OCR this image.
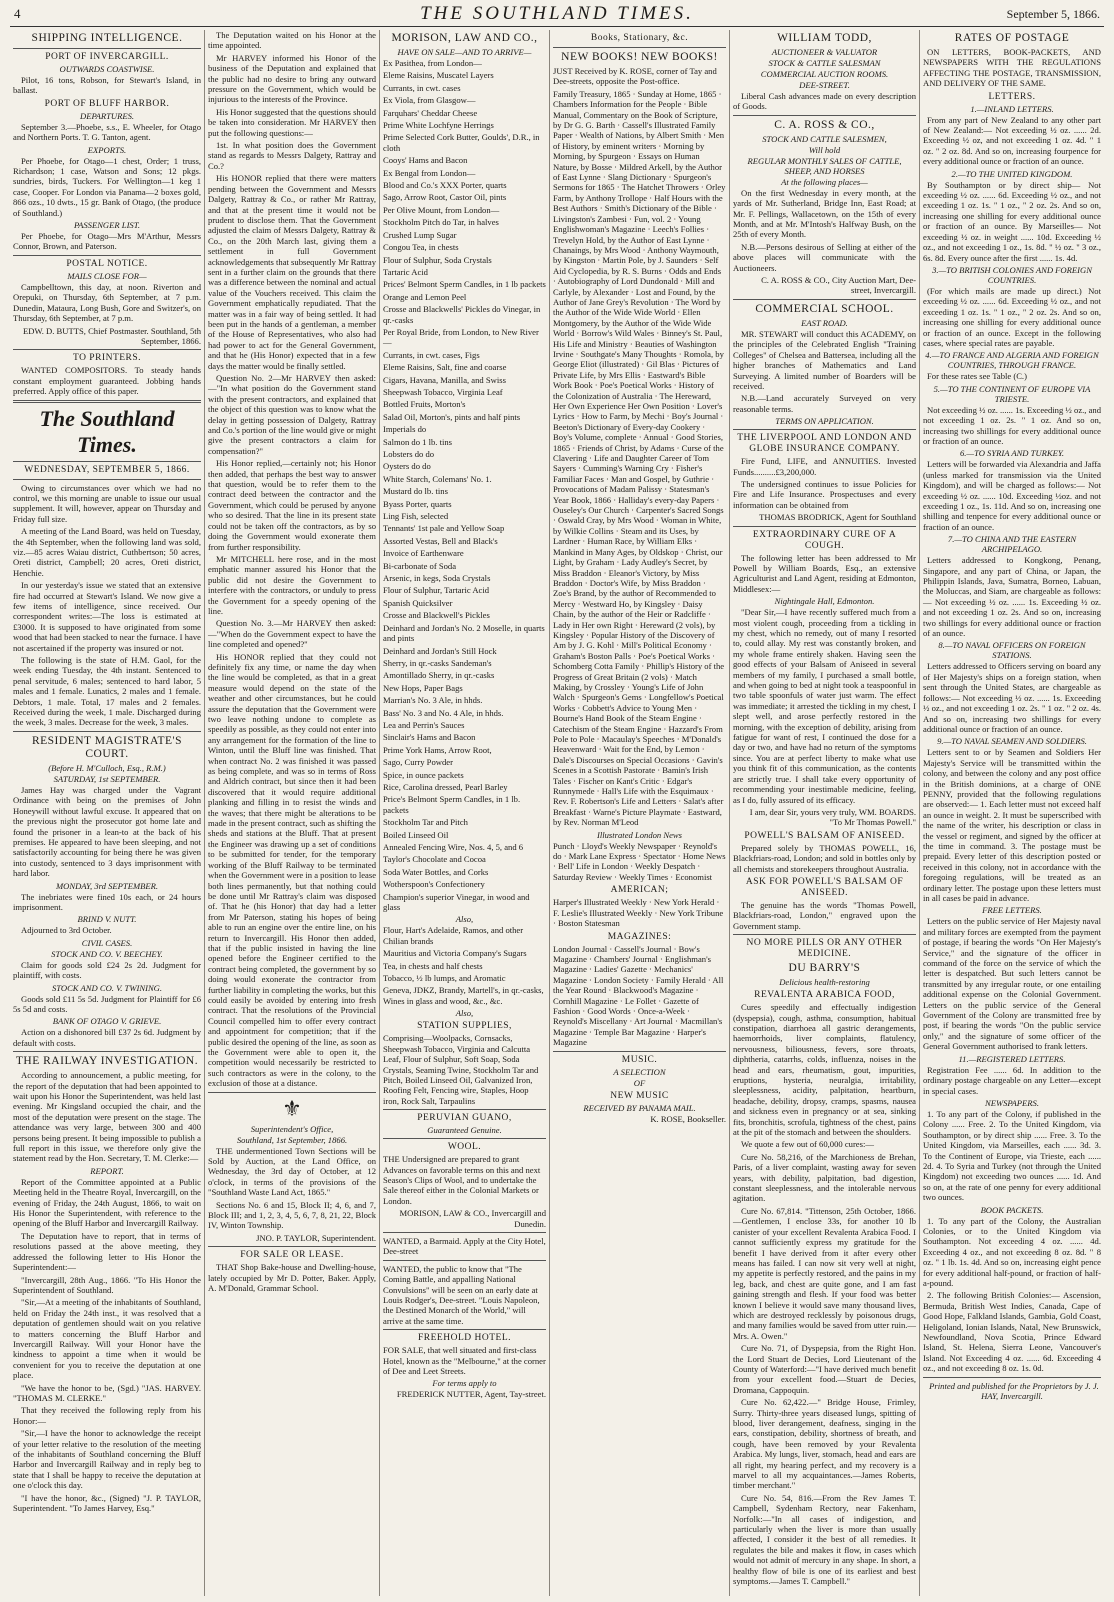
4	THE SOUTHLAND TIMES.	September 5, 1866.
SHIPPING INTELLIGENCE.
PORT OF INVERCARGILL.
OUTWARDS COASTWISE.

Pilot, 16 tons, Robson, for Stewart's Island, in ballast.

PORT OF BLUFF HARBOR.
DEPARTURES.

September 3.—Phoebe, s.s., E. Wheeler, for Otago and Northern Ports. T. G. Tanton, agent.

EXPORTS.

Per Phoebe, for Otago—1 chest, Order; 1 truss, Richardson; 1 case, Watson and Sons; 12 pkgs. sundries, birds, Tuckers. For Wellington—1 keg 1 case, Cooper. For London via Panama—2 boxes gold, 866 ozs., 10 dwts., 15 gr. Bank of Otago, (the produce of Southland.)

PASSENGER LIST.

Per Phoebe, for Otago—Mrs M'Arthur, Messrs Connor, Brown, and Paterson.

POSTAL NOTICE.
MAILS CLOSE FOR—

Campbelltown, this day, at noon. Riverton and Orepuki, on Thursday, 6th September, at 7 p.m. Dunedin, Mataura, Long Bush, Gore and Switzer's, on Thursday, 6th September, at 7 p.m.

EDW. D. BUTTS, Chief Postmaster. Southland, 5th September, 1866.

TO PRINTERS.

WANTED COMPOSITORS. To steady hands constant employment guaranteed. Jobbing hands preferred. Apply office of this paper.

The Southland Times.
WEDNESDAY, SEPTEMBER 5, 1866.

Owing to circumstances over which we had no control, we this morning are unable to issue our usual supplement. It will, however, appear on Thursday and Friday full size.

A meeting of the Land Board, was held on Tuesday, the 4th September, when the following land was sold, viz.—85 acres Waiau district, Cuthbertson; 50 acres, Oreti district, Campbell; 20 acres, Oreti district, Henchie.

In our yesterday's issue we stated that an extensive fire had occurred at Stewart's Island. We now give a few items of intelligence, since received. Our correspondent writes:—The loss is estimated at £3000. It is supposed to have originated from some wood that had been stacked to near the furnace. I have not ascertained if the property was insured or not.

The following is the state of H.M. Gaol, for the week ending Tuesday, the 4th instant. Sentenced to penal servitude, 6 males; sentenced to hard labor, 5 males and 1 female. Lunatics, 2 males and 1 female. Debtors, 1 male. Total, 17 males and 2 females. Received during the week, 1 male. Discharged during the week, 3 males. Decrease for the week, 3 males.

RESIDENT MAGISTRATE'S COURT.
(Before H. M'Culloch, Esq., R.M.)
SATURDAY, 1st SEPTEMBER.

James Hay was charged under the Vagrant Ordinance with being on the premises of John Honeywill without lawful excuse. It appeared that on the previous night the prosecutor got home late and found the prisoner in a lean-to at the back of his premises. He appeared to have been sleeping, and not satisfactorily accounting for being there he was given into custody, sentenced to 3 days imprisonment with hard labor.

MONDAY, 3rd SEPTEMBER.

The inebriates were fined 10s each, or 24 hours imprisonment.

BRIND V. NUTT.

Adjourned to 3rd October.

CIVIL CASES.
STOCK AND CO. V. BEECHEY.

Claim for goods sold £24 2s 2d. Judgment for plaintiff, with costs.

STOCK AND CO. V. TWINING.

Goods sold £11 5s 5d. Judgment for Plaintiff for £6 5s 5d and costs.

BANK OF OTAGO V. GRIEVE.

Action on a dishonored bill £37 2s 6d. Judgment by default with costs.

THE RAILWAY INVESTIGATION.

According to announcement, a public meeting, for the report of the deputation that had been appointed to wait upon his Honor the Superintendent, was held last evening. Mr Kingsland occupied the chair, and the most of the deputation were present on the stage. The attendance was very large, between 300 and 400 persons being present. It being impossible to publish a full report in this issue, we therefore only give the statement read by the Hon. Secretary, T. M. Clerke:—

REPORT.

Report of the Committee appointed at a Public Meeting held in the Theatre Royal, Invercargill, on the evening of Friday, the 24th August, 1866, to wait on His Honor the Superintendent, with reference to the opening of the Bluff Harbor and Invercargill Railway.

The Deputation have to report, that in terms of resolutions passed at the above meeting, they addressed the following letter to His Honor the Superintendent:—

"Invercargill, 28th Aug., 1866. "To His Honor the Superintendent of Southland.

"Sir,—At a meeting of the inhabitants of Southland, held on Friday the 24th inst., it was resolved that a deputation of gentlemen should wait on you relative to matters concerning the Bluff Harbor and Invercargill Railway. Will your Honor have the kindness to appoint a time when it would be convenient for you to receive the deputation at one place.

"We have the honor to be, (Sgd.) "JAS. HARVEY. "THOMAS M. CLERKE."

That they received the following reply from his Honor:—

"Sir,—I have the honor to acknowledge the receipt of your letter relative to the resolution of the meeting of the inhabitants of Southland concerning the Bluff Harbor and Invercargill Railway and in reply beg to state that I shall be happy to receive the deputation at one o'clock this day.

"I have the honor, &c., (Signed) "J. P. TAYLOR, Superintendent. "To James Harvey, Esq."

The Deputation waited on his Honor at the time appointed.

Mr HARVEY informed his Honor of the business of the Deputation and explained that the public had no desire to bring any outward pressure on the Government, which would be injurious to the interests of the Province.

His Honor suggested that the questions should be taken into consideration. Mr HARVEY then put the following questions:—

1st. In what position does the Government stand as regards to Messrs Dalgety, Rattray and Co.?

His HONOR replied that there were matters pending between the Government and Messrs Dalgety, Rattray & Co., or rather Mr Rattray, and that at the present time it would not be prudent to disclose them. That the Government adjusted the claim of Messrs Dalgety, Rattray & Co., on the 20th March last, giving them a settlement in full Government acknowledgements that subsequently Mr Rattray sent in a further claim on the grounds that there was a difference between the nominal and actual value of the Vouchers received. This claim the Government emphatically repudiated. That the matter was in a fair way of being settled. It had been put in the hands of a gentleman, a member of the House of Representatives, who also had had power to act for the General Government, and that he (His Honor) expected that in a few days the matter would be finally settled.

Question No. 2—Mr HARVEY then asked:—"In what position do the Government stand with the present contractors, and explained that the object of this question was to know what the delay in getting possession of Dalgety, Rattray and Co.'s portion of the line would give or might give the present contractors a claim for compensation?"

His Honor replied,—certainly not; his Honor then added, that perhaps the best way to answer that question, would be to refer them to the contract deed between the contractor and the Government, which could be perused by anyone who so desired. That the line in its present state could not be taken off the contractors, as by so doing the Government would exonerate them from further responsibility.

Mr MITCHELL here rose, and in the most emphatic manner assured his Honor that the public did not desire the Government to interfere with the contractors, or unduly to press the Government for a speedy opening of the line.

Question No. 3.—Mr HARVEY then asked:—"When do the Government expect to have the line completed and opened?"

His HONOR replied that they could not definitely fix any time, or name the day when the line would be completed, as that in a great measure would depend on the state of the weather and other circumstances, but he could assure the deputation that the Government were two leave nothing undone to complete as speedily as possible, as they could not enter into any arrangement for the formation of the line to Winton, until the Bluff line was finished. That when contract No. 2 was finished it was passed as being complete, and was so in terms of Ross and Aldrich contract, but since then it had been discovered that it would require additional planking and filling in to resist the winds and the waves; that there might be alterations to be made in the present contract, such as shifting the sheds and stations at the Bluff. That at present the Engineer was drawing up a set of conditions to be submitted for tender, for the temporary working of the Bluff Railway to be terminated when the Government were in a position to lease both lines permanently, but that nothing could be done until Mr Rattray's claim was disposed of. That he (his Honor) that day had a letter from Mr Paterson, stating his hopes of being able to run an engine over the entire line, on his return to Invercargill. His Honor then added, that if the public insisted in having the line opened before the Engineer certified to the contract being completed, the government by so doing would exonerate the contractor from further liability in completing the works, but this could easily be avoided by entering into fresh contract. That the resolutions of the Provincial Council compelled him to offer every contract and appointment for competition; that if the public desired the opening of the line, as soon as the Government were able to open it, the competition would necessarily be restricted to such contractors as were in the colony, to the exclusion of those at a distance.

⚜
Superintendent's Office,
Southland, 1st September, 1866.

THE undermentioned Town Sections will be Sold by Auction, at the Land Office, on Wednesday, the 3rd day of October, at 12 o'clock, in terms of the provisions of the "Southland Waste Land Act, 1865."

Sections No. 6 and 15, Block II; 4, 6, and 7, Block III; and 1, 2, 3, 4, 5, 6, 7, 8, 21, 22, Block IV, Winton Township.

JNO. P. TAYLOR, Superintendent.

FOR SALE OR LEASE.

THAT Shop Bake-house and Dwelling-house, lately occupied by Mr D. Potter, Baker. Apply, A. M'Donald, Grammar School.

MORISON, LAW AND CO.,
HAVE ON SALE—AND TO ARRIVE—

Ex Pasithea, from London—

Eleme Raisins, Muscatel Layers

Currants, in cwt. cases

Ex Viola, from Glasgow—

Farquhars' Cheddar Cheese

Prime White Lochfyne Herrings

Prime Selected Cork Butter, Goulds', D.R., in cloth

Cooys' Hams and Bacon

Ex Bengal from London—

Blood and Co.'s XXX Porter, quarts

Sago, Arrow Root, Castor Oil, pints

Per Olive Mount, from London—

Stockholm Pitch do Tar, in halves

Crushed Lump Sugar

Congou Tea, in chests

Flour of Sulphur, Soda Crystals

Tartaric Acid

Prices' Belmont Sperm Candles, in 1 lb packets

Orange and Lemon Peel

Crosse and Blackwells' Pickles do Vinegar, in qr.-casks

Per Royal Bride, from London, to New River—

Currants, in cwt. cases, Figs

Eleme Raisins, Salt, fine and coarse

Cigars, Havana, Manilla, and Swiss

Sheepwash Tobacco, Virginia Leaf

Bottled Fruits, Morton's

Salad Oil, Morton's, pints and half pints

Imperials do

Salmon do 1 lb. tins

Lobsters do do

Oysters do do

White Starch, Colemans' No. 1.

Mustard do lb. tins

Byass Porter, quarts

Ling Fish, selected

Tennants' 1st pale and Yellow Soap

Assorted Vestas, Bell and Black's

Invoice of Earthenware

Bi-carbonate of Soda

Arsenic, in kegs, Soda Crystals

Flour of Sulphur, Tartaric Acid

Spanish Quicksilver

Crosse and Blackwell's Pickles

Deinhard and Jordan's No. 2 Moselle, in quarts and pints

Deinhard and Jordan's Still Hock

Sherry, in qr.-casks Sandeman's

Amontillado Sherry, in qr.-casks

New Hops, Paper Bags

Marrian's No. 3 Ale, in hhds.

Bass' No. 3 and No. 4 Ale, in hhds.

Lea and Perrin's Sauces

Sinclair's Hams and Bacon

Prime York Hams, Arrow Root,

Sago, Curry Powder

Spice, in ounce packets

Rice, Carolina dressed, Pearl Barley

Price's Belmont Sperm Candles, in 1 lb. packets

Stockholm Tar and Pitch

Boiled Linseed Oil

Annealed Fencing Wire, Nos. 4, 5, and 6

Taylor's Chocolate and Cocoa

Soda Water Bottles, and Corks

Wotherspoon's Confectionery

Champion's superior Vinegar, in wood and glass

Also,

Flour, Hart's Adelaide, Ramos, and other Chilian brands

Mauritius and Victoria Company's Sugars

Tea, in chests and half chests

Tobacco, ½ lb lumps, and Aromatic

Geneva, JDKZ, Brandy, Martell's, in qr.-casks, Wines in glass and wood, &c., &c.

Also,
STATION SUPPLIES,

Comprising—Woolpacks, Cornsacks, Sheepwash Tobacco, Virginia and Calcutta Leaf, Flour of Sulphur, Soft Soap, Soda Crystals, Seaming Twine, Stockholm Tar and Pitch, Boiled Linseed Oil, Galvanized Iron, Roofing Felt, Fencing wire, Staples, Hoop iron, Rock Salt, Tarpaulins

PERUVIAN GUANO,
Guaranteed Genuine.
WOOL.

THE Undersigned are prepared to grant Advances on favorable terms on this and next Season's Clips of Wool, and to undertake the Sale thereof either in the Colonial Markets or London.

MORISON, LAW & CO., Invercargill and Dunedin.

WANTED, a Barmaid. Apply at the City Hotel, Dee-street

WANTED, the public to know that "The Coming Battle, and appalling National Convulsions" will be seen on an early date at Louis Rodger's, Dee-street. "Louis Napoleon, the Destined Monarch of the World," will arrive at the same time.

FREEHOLD HOTEL.

FOR SALE, that well situated and first-class Hotel, known as the "Melbourne," at the corner of Dee and Leet Streets.

For terms apply to

FREDERICK NUTTER, Agent, Tay-street.

Books, Stationary, &c.
NEW BOOKS! NEW BOOKS!

JUST Received by K. ROSE, corner of Tay and Dee-streets, opposite the Post-office.

Family Treasury, 1865 · Sunday at Home, 1865 · Chambers Information for the People · Bible Manual, Commentary on the Book of Scripture, by Dr G. G. Barth · Cassell's Illustrated Family Paper · Wealth of Nations, by Albert Smith · Men of History, by eminent writers · Morning by Morning, by Spurgeon · Essays on Human Nature, by Bosse · Mildred Arkell, by the Author of East Lynne · Slang Dictionary · Spurgeon's Sermons for 1865 · The Hatchet Throwers · Orley Farm, by Anthony Trollope · Half Hours with the Best Authors · Smith's Dictionary of the Bible · Livingston's Zambesi · Fun, vol. 2 · Young Englishwoman's Magazine · Leech's Follies · Trevelyn Hold, by the Author of East Lynne · Chanaings, by Mrs Wood · Anthony Waymouth, by Kingston · Martin Pole, by J. Saunders · Self Aid Cyclopedia, by R. S. Burns · Odds and Ends · Autobiography of Lord Dundonald · Mill and Carlyle, by Alexander · Lost and Found, by the Author of Jane Grey's Revolution · The Word by the Author of the Wide Wide World · Ellen Montgomery, by the Author of the Wide Wide World · Borrow's Wild Wales · Binney's St. Paul, His Life and Ministry · Beauties of Washington Irvine · Southgate's Many Thoughts · Romola, by George Eliot (illustrated) · Gil Blas · Pictures of Private Life, by Mrs Ellis · Eastward's Bible Work Book · Poe's Poetical Works · History of the Colonization of Australia · The Hereward, Her Own Experience Her Own Position · Lover's Lyrics · How to Farm, by Mechi · Boy's Journal · Beeton's Dictionary of Every-day Cookery · Boy's Volume, complete · Annual · Good Stories, 1865 · Friends of Christ, by Adams · Curse of the Clavering · Life and Daughter Career of Tom Sayers · Cumming's Warning Cry · Fisher's Familiar Faces · Man and Gospel, by Guthrie · Provocations of Madam Palissy · Statesman's Year Book, 1866 · Halliday's every-day Papers · Ouseley's Our Church · Carpenter's Sacred Songs · Oswald Cray, by Mrs Wood · Woman in White, by Wilkie Collins · Steam and its Uses, by Lardner · Human Race, by William Elks · Mankind in Many Ages, by Oldskop · Christ, our Light, by Graham · Lady Audley's Secret, by Miss Braddon · Eleanor's Victory, by Miss Braddon · Doctor's Wife, by Miss Braddon · Zoe's Brand, by the author of Recommended to Mercy · Westward Ho, by Kingsley · Daisy Chain, by the author of the Heir or Radcliffe · Lady in Her own Right · Hereward (2 vols), by Kingsley · Popular History of the Discovery of Am by J. G. Kohl · Mill's Political Economy · Graham's Boston Palls · Poe's Poetical Works · Schomberg Cotta Family · Phillip's History of the Progress of Great Britain (2 vols) · Match Making, by Crossley · Young's Life of John Walch · Spurgeon's Gems · Longfellow's Poetical Works · Cobbett's Advice to Young Men · Bourne's Hand Book of the Steam Engine · Catechism of the Steam Engine · Hazzard's From Pole to Pole · Macaulay's Speeches · M'Donald's Heavenward · Wait for the End, by Lemon · Dale's Discourses on Special Occasions · Gavin's Scenes in a Scottish Pastorate · Bamin's Irish Tales · Fischer on Kant's Critic · Edgar's Runnymede · Hall's Life with the Esquimaux · Rev. F. Robertson's Life and Letters · Salat's after Breakfast · Warne's Picture Playmate · Eastward, by Rev. Norman M'Leod

Illustrated London News

Punch · Lloyd's Weekly Newspaper · Reynold's do · Mark Lane Express · Spectator · Home News · Bell' Life in London · Weekly Despatch · Saturday Review · Weekly Times · Economist

AMERICAN;

Harper's Illustrated Weekly · New York Herald · F. Leslie's Illustrated Weekly · New York Tribune · Boston Statesman

MAGAZINES:

London Journal · Cassell's Journal · Bow's Magazine · Chambers' Journal · Englishman's Magazine · Ladies' Gazette · Mechanics' Magazine · London Society · Family Herald · All the Year Round · Blackwood's Magazine · Cornhill Magazine · Le Follet · Gazette of Fashion · Good Words · Once-a-Week · Reynold's Miscellany · Art Journal · Macmillan's Magazine · Temple Bar Magazine · Harper's Magazine

MUSIC.
A SELECTION
OF
NEW MUSIC
RECEIVED BY PANAMA MAIL.

K. ROSE, Bookseller.

WILLIAM TODD,
AUCTIONEER & VALUATOR
STOCK & CATTLE SALESMAN
COMMERCIAL AUCTION ROOMS.
DEE-STREET.

Liberal Cash advances made on every description of Goods.

C. A. ROSS & CO.,
STOCK AND CATTLE SALESMEN,
Will hold
REGULAR MONTHLY SALES OF CATTLE, SHEEP, AND HORSES
At the following places—

On the first Wednesday in every month, at the yards of Mr. Sutherland, Bridge Inn, East Road; at Mr. F. Pellings, Wallacetown, on the 15th of every Month, and at Mr. M'Intosh's Halfway Bush, on the 25th of every Month.

N.B.—Persons desirous of Selling at either of the above places will communicate with the Auctioneers.

C. A. ROSS & CO., City Auction Mart, Dee-street, Invercargill.

COMMERCIAL SCHOOL.
EAST ROAD.

MR. STEWART will conduct this ACADEMY, on the principles of the Celebrated English "Training Colleges" of Chelsea and Battersea, including all the higher branches of Mathematics and Land Surveying. A limited number of Boarders will be received.

N.B.—Land accurately Surveyed on very reasonable terms.

TERMS ON APPLICATION.
THE LIVERPOOL AND LONDON AND GLOBE INSURANCE COMPANY.

Fire Fund, LIFE, and ANNUITIES. Invested Funds..........£3,200,000.

The undersigned continues to issue Policies for Fire and Life Insurance. Prospectuses and every information can be obtained from

THOMAS BRODRICK, Agent for Southland

EXTRAORDINARY CURE OF A COUGH.

The following letter has been addressed to Mr Powell by William Boards, Esq., an extensive Agriculturist and Land Agent, residing at Edmonton, Middlesex:—

Nightingale Hall, Edmonton.

"Dear Sir,—I have recently suffered much from a most violent cough, proceeding from a tickling in my chest, which no remedy, out of many I resorted to, could allay. My rest was constantly broken, and my whole frame entirely shaken. Having seen the good effects of your Balsam of Aniseed in several members of my family, I purchased a small bottle, and when going to bed at night took a teaspoonful in two table spoonfuls of water just warm. The effect was immediate; it arrested the tickling in my chest, I slept well, and arose perfectly restored in the morning, with the exception of debility, arising from fatigue for want of rest, I continued the dose for a day or two, and have had no return of the symptoms since. You are at perfect liberty to make what use you think fit of this communication, as the contents are strictly true. I shall take every opportunity of recommending your inestimable medicine, feeling, as I do, fully assured of its efficacy.

I am, dear Sir, yours very truly, WM. BOARDS. "To Mr Thomas Powell."

POWELL'S BALSAM OF ANISEED.

Prepared solely by THOMAS POWELL, 16, Blackfriars-road, London; and sold in bottles only by all chemists and storekeepers throughout Australia.

ASK FOR POWELL'S BALSAM OF ANISEED.

The genuine has the words "Thomas Powell, Blackfriars-road, London," engraved upon the Government stamp.

NO MORE PILLS OR ANY OTHER MEDICINE.
DU BARRY'S
Delicious health-restoring
REVALENTA ARABICA FOOD,

Cures speedily and effectually indigestion (dyspepsia), cough, asthma, consumption, habitual constipation, diarrhoea all gastric derangements, haemorrhoids, liver complaints, flatulency, nervousness, biliousness, fevers, sore throats, diphtheria, catarrhs, colds, influenza, noises in the head and ears, rheumatism, gout, impurities, eruptions, hysteria, neuralgia, irritability, sleeplessness, acidity, palpitation, heartburn, headache, debility, dropsy, cramps, spasms, nausea and sickness even in pregnancy or at sea, sinking fits, bronchitis, scrofula, tightness of the chest, pains at the pit of the stomach and between the shoulders.

We quote a few out of 60,000 cures:—

Cure No. 58,216, of the Marchioness de Brehan, Paris, of a liver complaint, wasting away for seven years, with debility, palpitation, bad digestion, constant sleeplessness, and the intolerable nervous agitation.

Cure No. 67,814. "Tittenson, 25th October, 1866.—Gentlemen, I enclose 33s, for another 10 lb canister of your excellent Revalenta Arabica Food. I cannot sufficiently express my gratitude for the benefit I have derived from it after every other means has failed. I can now sit very well at night, my appetite is perfectly restored, and the pains in my leg, back, and chest are quite gone, and I am fast gaining strength and flesh. If your food was better known I believe it would save many thousand lives, which are destroyed recklessly by poisonous drugs, and many families would be saved from utter ruin.—Mrs. A. Owen."

Cure No. 71, of Dyspepsia, from the Right Hon. the Lord Stuart de Decies, Lord Lieutenant of the County of Waterford:—"I have derived much benefit from your excellent food.—Stuart de Decies, Dromana, Cappoquin.

Cure No. 62,422.—" Bridge House, Frimley, Surry. Thirty-three years diseased lungs, spitting of blood, liver derangement, deafness, singing in the ears, constipation, debility, shortness of breath, and cough, have been removed by your Revalenta Arabica. My lungs, liver, stomach, head and ears are all right, my hearing perfect, and my recovery is a marvel to all my acquaintances.—James Roberts, timber merchant."

Cure No. 54, 816.—From the Rev James T. Campbell, Sydenham Rectory, near Fakenham, Norfolk:—"In all cases of indigestion, and particularly when the liver is more than usually affected, I consider it the best of all remedies. It regulates the bile and makes it flow, in cases which would not admit of mercury in any shape. In short, a healthy flow of bile is one of its earliest and best symptoms.—James T. Campbell."

RATES OF POSTAGE

ON LETTERS, BOOK-PACKETS, AND NEWSPAPERS WITH THE REGULATIONS AFFECTING THE POSTAGE, TRANSMISSION, AND DELIVERY OF THE SAME.

LETTERS.
1.—INLAND LETTERS.

From any part of New Zealand to any other part of New Zealand:— Not exceeding ½ oz. ...... 2d. Exceeding ½ oz, and not exceeding 1 oz. 4d. " 1 oz. " 2 oz. 8d. And so on, increasing fourpence for every additional ounce or fraction of an ounce.

2.—TO THE UNITED KINGDOM.

By Southampton or by direct ship— Not exceeding ½ oz. ...... 6d. Exceeding ½ oz., and not exceeding 1 oz. 1s. " 1 oz., " 2 oz. 2s. And so on, increasing one shilling for every additional ounce or fraction of an ounce. By Marseilles— Not exceeding ½ oz. in weight ...... 10d. Exceeding ½ oz., and not exceeding 1 oz., 1s. 8d. " ½ oz. " 3 oz., 6s. 8d. Every ounce after the first ...... 1s. 4d.

3.—TO BRITISH COLONIES AND FOREIGN COUNTRIES.

(For which mails are made up direct.) Not exceeding ½ oz. ...... 6d. Exceeding ½ oz., and not exceeding 1 oz. 1s. " 1 oz., " 2 oz. 2s. And so on, increasing one shilling for every additional ounce or fraction of an ounce. Except in the following cases, where special rates are payable.

4.—TO FRANCE AND ALGERIA AND FOREIGN COUNTRIES, THROUGH FRANCE.

For these rates see Table (C.)

5.—TO THE CONTINENT OF EUROPE VIA TRIESTE.

Not exceeding ½ oz. ...... 1s. Exceeding ½ oz., and not exceeding 1 oz. 2s. " 1 oz. And so on, increasing two shillings for every additional ounce or fraction of an ounce.

6.—TO SYRIA AND TURKEY.

Letters will be forwarded via Alexandria and Jaffa (unless marked for transmission via the United Kingdom), and will be charged as follows:— Not exceeding ½ oz. ...... 10d. Exceeding ½oz. and not exceeding 1 oz., 1s. 11d. And so on, increasing one shilling and tenpence for every additional ounce or fraction of an ounce.

7.—TO CHINA AND THE EASTERN ARCHIPELAGO.

Letters addressed to Kongkong, Penang, Singapore, and any part of China, or Japan, the Philippin Islands, Java, Sumatra, Borneo, Labuan, the Moluccas, and Siam, are chargeable as follows:— Not exceeding ½ oz. ...... 1s. Exceeding ½ oz. and not exceeding 1 oz. 2s. And so on, increasing two shillings for every additional ounce or fraction of an ounce.

8.—TO NAVAL OFFICERS ON FOREIGN STATIONS.

Letters addressed to Officers serving on board any of Her Majesty's ships on a foreign station, when sent through the United States, are chargeable as follows:— Not exceeding ½ oz. ...... 1s. Exceeding ½ oz., and not exceeding 1 oz. 2s. " 1 oz. " 2 oz. 4s. And so on, increasing two shillings for every additional ounce or fraction of an ounce.

9.—TO NAVAL SEAMEN AND SOLDIERS.

Letters sent to or by Seamen and Soldiers Her Majesty's Service will be transmitted within the colony, and between the colony and any post office in the British dominions, at a charge of ONE PENNY, provided that the following regulations are observed:— 1. Each letter must not exceed half an ounce in weight. 2. It must be superscribed with the name of the writer, his description or class in the vessel or regiment, and signed by the officer at the time in command. 3. The postage must be prepaid. Every letter of this description posted or received in this colony, not in accordance with the foregoing regulations, will be treated as an ordinary letter. The postage upon these letters must in all cases be paid in advance.

FREE LETTERS.

Letters on the public service of Her Majesty naval and military forces are exempted from the payment of postage, if bearing the words "On Her Majesty's Service," and the signature of the officer in command of the force on the service of which the letter is despatched. But such letters cannot be transmitted by any irregular route, or one entailing additional expense on the Colonial Government. Letters on the public service of the General Government of the Colony are transmitted free by post, if bearing the words "On the public service only," and the signature of some officer of the General Government authorised to frank letters.

11.—REGISTERED LETTERS.

Registration Fee ...... 6d. In addition to the ordinary postage chargeable on any Letter—except in special cases.

NEWSPAPERS.

1. To any part of the Colony, if published in the Colony ...... Free. 2. To the United Kingdom, via Southampton, or by direct ship ...... Free. 3. To the United Kingdom, via Marseilles, each ...... 3d. 3. To the Continent of Europe, via Trieste, each ...... 2d. 4. To Syria and Turkey (not through the United Kingdom) not exceeding two ounces ...... 1d. And so on, at the rate of one penny for every additional two ounces.

BOOK PACKETS.

1. To any part of the Colony, the Australian Colonies, or to the United Kingdom via Southampton. Not exceeding 4 oz. ...... 4d. Exceeding 4 oz., and not exceeding 8 oz. 8d. " 8 oz. " 1 lb. 1s. 4d. And so on, increasing eight pence for every additional half-pound, or fraction of half-a-pound.

2. The following British Colonies:— Ascension, Bermuda, British West Indies, Canada, Cape of Good Hope, Falkland Islands, Gambia, Gold Coast, Heligoland, Ionian Islands, Natal, New Brunswick, Newfoundland, Nova Scotia, Prince Edward Island, St. Helena, Sierra Leone, Vancouver's Island. Not Exceeding 4 oz. ...... 6d. Exceeding 4 oz., and not exceeding 8 oz. 1s. 0d.

Printed and published for the Proprietors by J. J. HAY, Invercargill.
